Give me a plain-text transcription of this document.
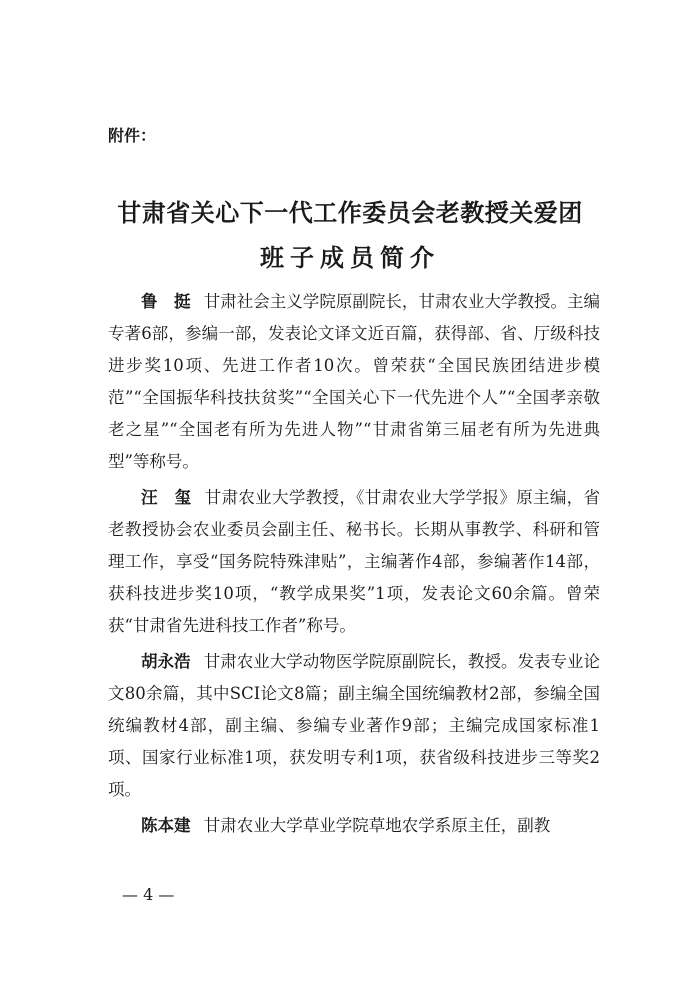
附件：
甘肃省关心下一代工作委员会老教授关爱团
班子成员简介

鲁　挺 甘肃社会主义学院原副院长，甘肃农业大学教授。主编专著6部，参编一部，发表论文译文近百篇，获得部、省、厅级科技进步奖10项、先进工作者10次。曾荣获“全国民族团结进步模范”“全国振华科技扶贫奖”“全国关心下一代先进个人”“全国孝亲敬老之星”“全国老有所为先进人物”“甘肃省第三届老有所为先进典型”等称号。

汪　玺 甘肃农业大学教授，《甘肃农业大学学报》原主编，省老教授协会农业委员会副主任、秘书长。长期从事教学、科研和管理工作，享受“国务院特殊津贴”，主编著作4部，参编著作14部，获科技进步奖10项，“教学成果奖”1项，发表论文60余篇。曾荣获“甘肃省先进科技工作者”称号。

胡永浩 甘肃农业大学动物医学院原副院长，教授。发表专业论文80余篇，其中SCI论文8篇；副主编全国统编教材2部，参编全国统编教材4部，副主编、参编专业著作9部；主编完成国家标准1项、国家行业标准1项，获发明专利1项，获省级科技进步三等奖2项。

陈本建 甘肃农业大学草业学院草地农学系原主任，副教

— 4 —
